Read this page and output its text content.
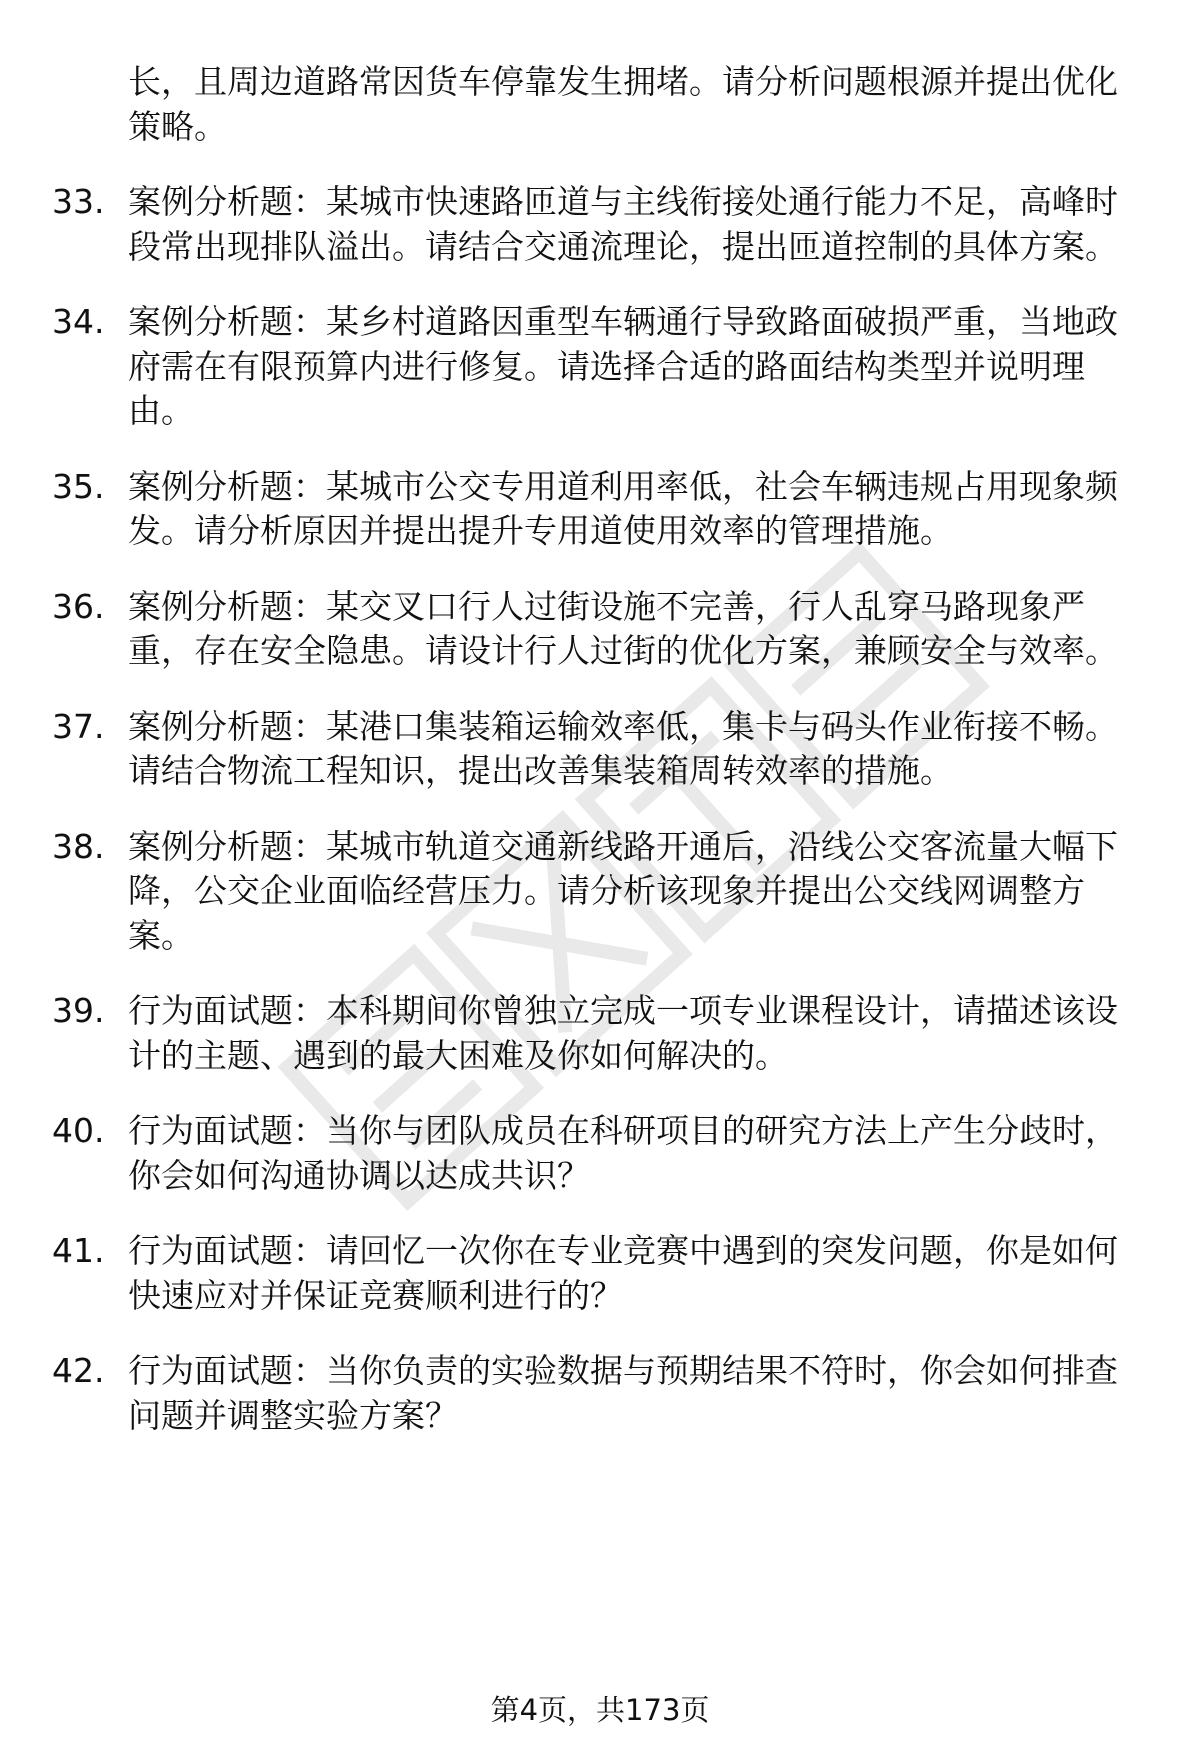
长，且周边道路常因货车停靠发生拥堵。请分析问题根源并提出优化策略。
33. 案例分析题：某城市快速路匝道与主线衔接处通行能力不足，高峰时段常出现排队溢出。请结合交通流理论，提出匝道控制的具体方案。
34. 案例分析题：某乡村道路因重型车辆通行导致路面破损严重，当地政府需在有限预算内进行修复。请选择合适的路面结构类型并说明理由。
35. 案例分析题：某城市公交专用道利用率低，社会车辆违规占用现象频发。请分析原因并提出提升专用道使用效率的管理措施。
36. 案例分析题：某交叉口行人过街设施不完善，行人乱穿马路现象严重，存在安全隐患。请设计行人过街的优化方案，兼顾安全与效率。
37. 案例分析题：某港口集装箱运输效率低，集卡与码头作业衔接不畅。请结合物流工程知识，提出改善集装箱周转效率的措施。
38. 案例分析题：某城市轨道交通新线路开通后，沿线公交客流量大幅下降，公交企业面临经营压力。请分析该现象并提出公交线网调整方案。
39. 行为面试题：本科期间你曾独立完成一项专业课程设计，请描述该设计的主题、遇到的最大困难及你如何解决的。
40. 行为面试题：当你与团队成员在科研项目的研究方法上产生分歧时，你会如何沟通协调以达成共识？
41. 行为面试题：请回忆一次你在专业竞赛中遇到的突发问题，你是如何快速应对并保证竞赛顺利进行的？
42. 行为面试题：当你负责的实验数据与预期结果不符时，你会如何排查问题并调整实验方案？
第4页，共173页
